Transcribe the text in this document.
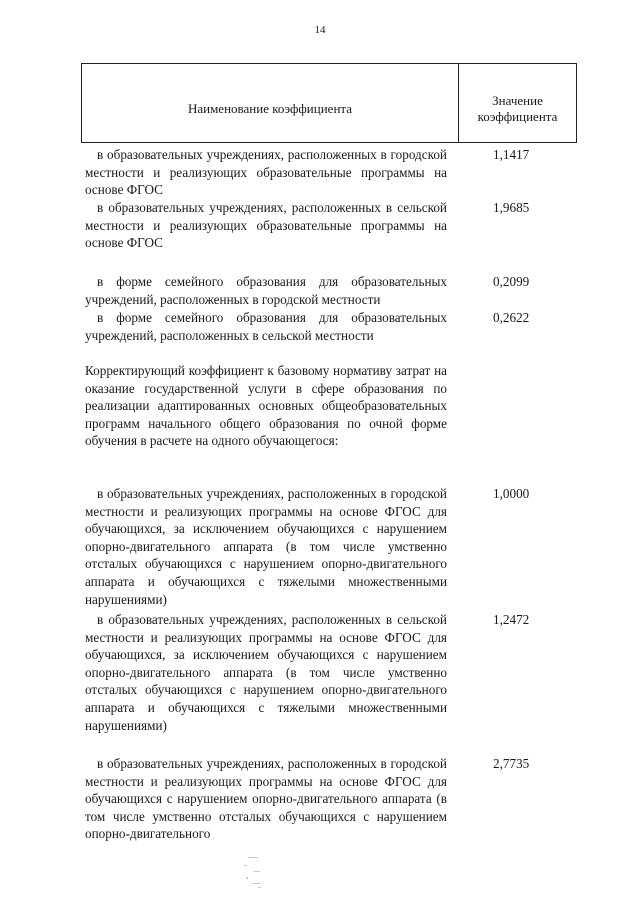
14
Наименование коэффициента
Значение
коэффициента
в образовательных учреждениях, расположенных в городской местности и реализующих образовательные программы на основе ФГОС
1,1417
в образовательных учреждениях, расположенных в сельской местности и реализующих образовательные программы на основе ФГОС
1,9685
в форме семейного образования для образовательных учреждений, расположенных в городской местности
0,2099
в форме семейного образования для образовательных учреждений, расположенных в сельской местности
0,2622
Корректирующий коэффициент к базовому нормативу затрат на оказание государственной услуги в сфере образования по реализации адаптированных основных общеобразовательных программ начального общего образования по очной форме обучения в расчете на одного обучающегося:
в образовательных учреждениях, расположенных в городской местности и реализующих программы на основе ФГОС для обучающихся, за исключением обучающихся с нарушением опорно-двигательного аппарата (в том числе умственно отсталых обучающихся с нарушением опорно-двигательного аппарата и обучающихся с тяжелыми множественными нарушениями)
1,0000
в образовательных учреждениях, расположенных в сельской местности и реализующих программы на основе ФГОС для обучающихся, за исключением обучающихся с нарушением опорно-двигательного аппарата (в том числе умственно отсталых обучающихся с нарушением опорно-двигательного аппарата и обучающихся с тяжелыми множественными нарушениями)
1,2472
в образовательных учреждениях, расположенных в городской местности и реализующих программы на основе ФГОС для обучающихся с нарушением опорно-двигательного аппарата (в том числе умственно отсталых обучающихся с нарушением опорно-двигательного
2,7735
